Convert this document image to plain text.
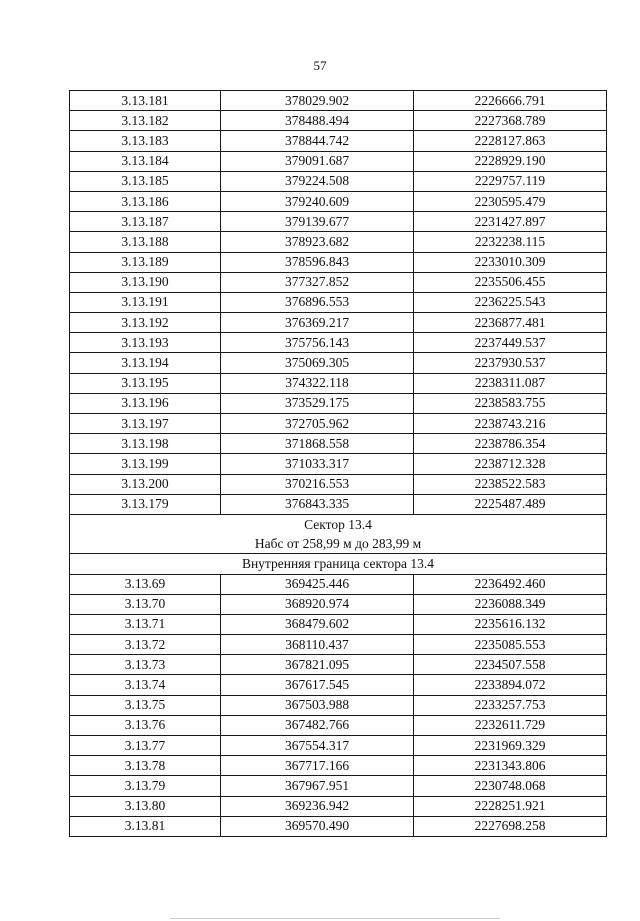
57
3.13.181	378029.902	2226666.791
3.13.182	378488.494	2227368.789
3.13.183	378844.742	2228127.863
3.13.184	379091.687	2228929.190
3.13.185	379224.508	2229757.119
3.13.186	379240.609	2230595.479
3.13.187	379139.677	2231427.897
3.13.188	378923.682	2232238.115
3.13.189	378596.843	2233010.309
3.13.190	377327.852	2235506.455
3.13.191	376896.553	2236225.543
3.13.192	376369.217	2236877.481
3.13.193	375756.143	2237449.537
3.13.194	375069.305	2237930.537
3.13.195	374322.118	2238311.087
3.13.196	373529.175	2238583.755
3.13.197	372705.962	2238743.216
3.13.198	371868.558	2238786.354
3.13.199	371033.317	2238712.328
3.13.200	370216.553	2238522.583
3.13.179	376843.335	2225487.489
Сектор 13.4		
Набс от 258,99 м до 283,99 м		
Внутренняя граница сектора 13.4		
3.13.69	369425.446	2236492.460
3.13.70	368920.974	2236088.349
3.13.71	368479.602	2235616.132
3.13.72	368110.437	2235085.553
3.13.73	367821.095	2234507.558
3.13.74	367617.545	2233894.072
3.13.75	367503.988	2233257.753
3.13.76	367482.766	2232611.729
3.13.77	367554.317	2231969.329
3.13.78	367717.166	2231343.806
3.13.79	367967.951	2230748.068
3.13.80	369236.942	2228251.921
3.13.81	369570.490	2227698.258
